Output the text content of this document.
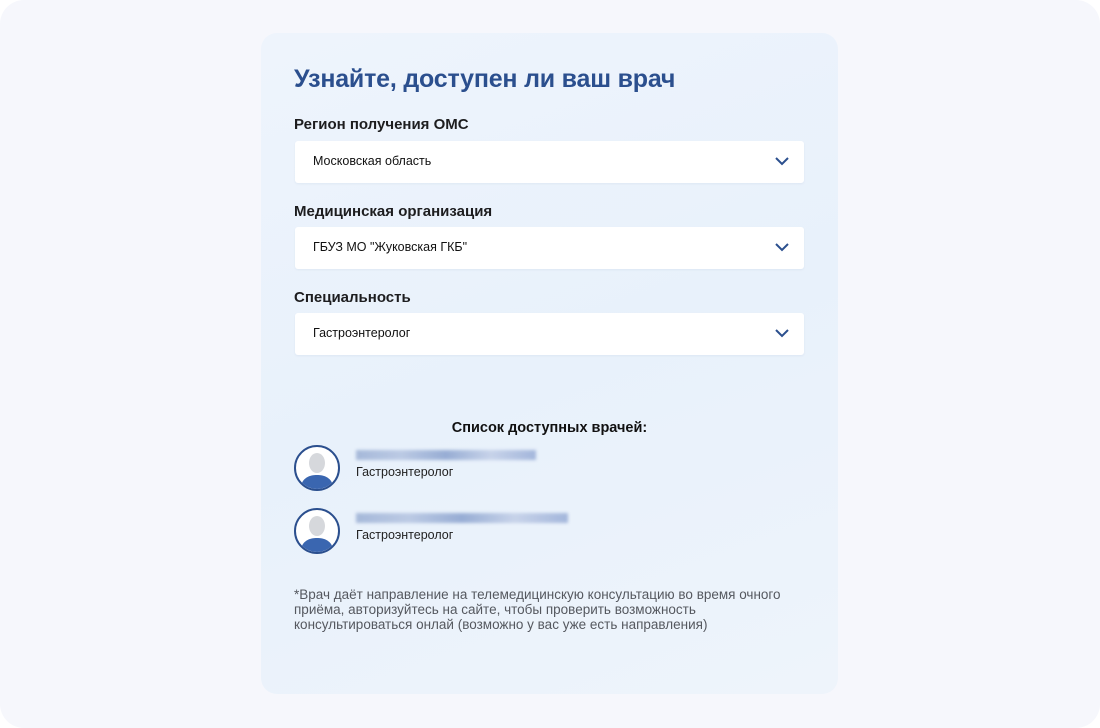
Узнайте, доступен ли ваш врач
Регион получения ОМС
Московская область
Медицинская организация
ГБУЗ МО "Жуковская ГКБ"
Специальность
Гастроэнтеролог
Список доступных врачей:
Гастроэнтеролог
Гастроэнтеролог
*Врач даёт направление на телемедицинскую консультацию во время очного приёма, авторизуйтесь на сайте, чтобы проверить возможность консультироваться онлай (возможно у вас уже есть направления)
